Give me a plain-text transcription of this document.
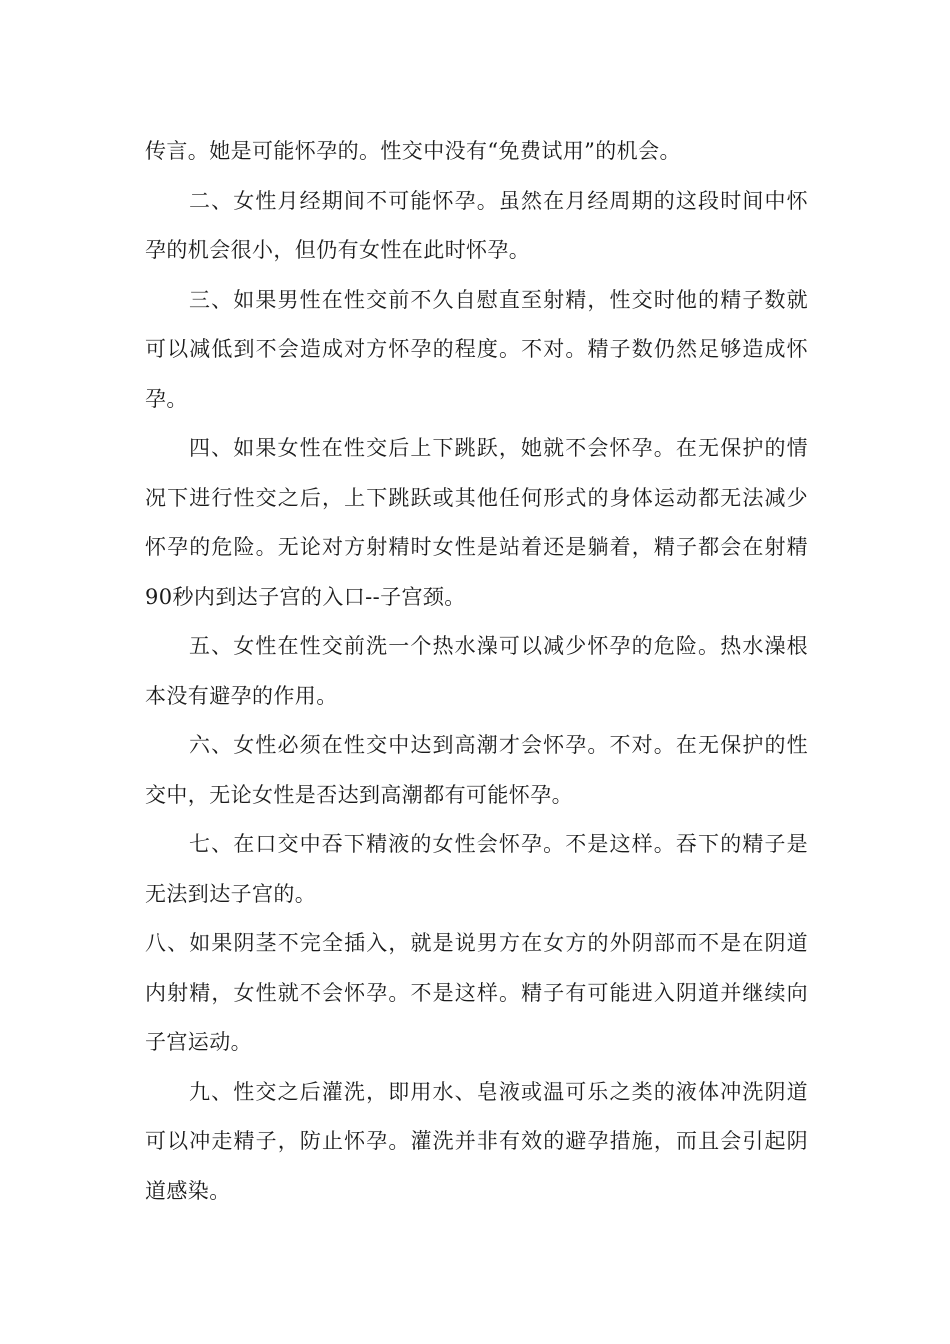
传言。她是可能怀孕的。性交中没有“免费试用”的机会。

二、女性月经期间不可能怀孕。虽然在月经周期的这段时间中怀孕的机会很小，但仍有女性在此时怀孕。

三、如果男性在性交前不久自慰直至射精，性交时他的精子数就可以减低到不会造成对方怀孕的程度。不对。精子数仍然足够造成怀孕。

四、如果女性在性交后上下跳跃，她就不会怀孕。在无保护的情况下进行性交之后，上下跳跃或其他任何形式的身体运动都无法减少怀孕的危险。无论对方射精时女性是站着还是躺着，精子都会在射精90秒内到达子宫的入口--子宫颈。

五、女性在性交前洗一个热水澡可以减少怀孕的危险。热水澡根本没有避孕的作用。

六、女性必须在性交中达到高潮才会怀孕。不对。在无保护的性交中，无论女性是否达到高潮都有可能怀孕。

七、在口交中吞下精液的女性会怀孕。不是这样。吞下的精子是无法到达子宫的。

八、如果阴茎不完全插入，就是说男方在女方的外阴部而不是在阴道内射精，女性就不会怀孕。不是这样。精子有可能进入阴道并继续向子宫运动。

九、性交之后灌洗，即用水、皂液或温可乐之类的液体冲洗阴道可以冲走精子，防止怀孕。灌洗并非有效的避孕措施，而且会引起阴道感染。
